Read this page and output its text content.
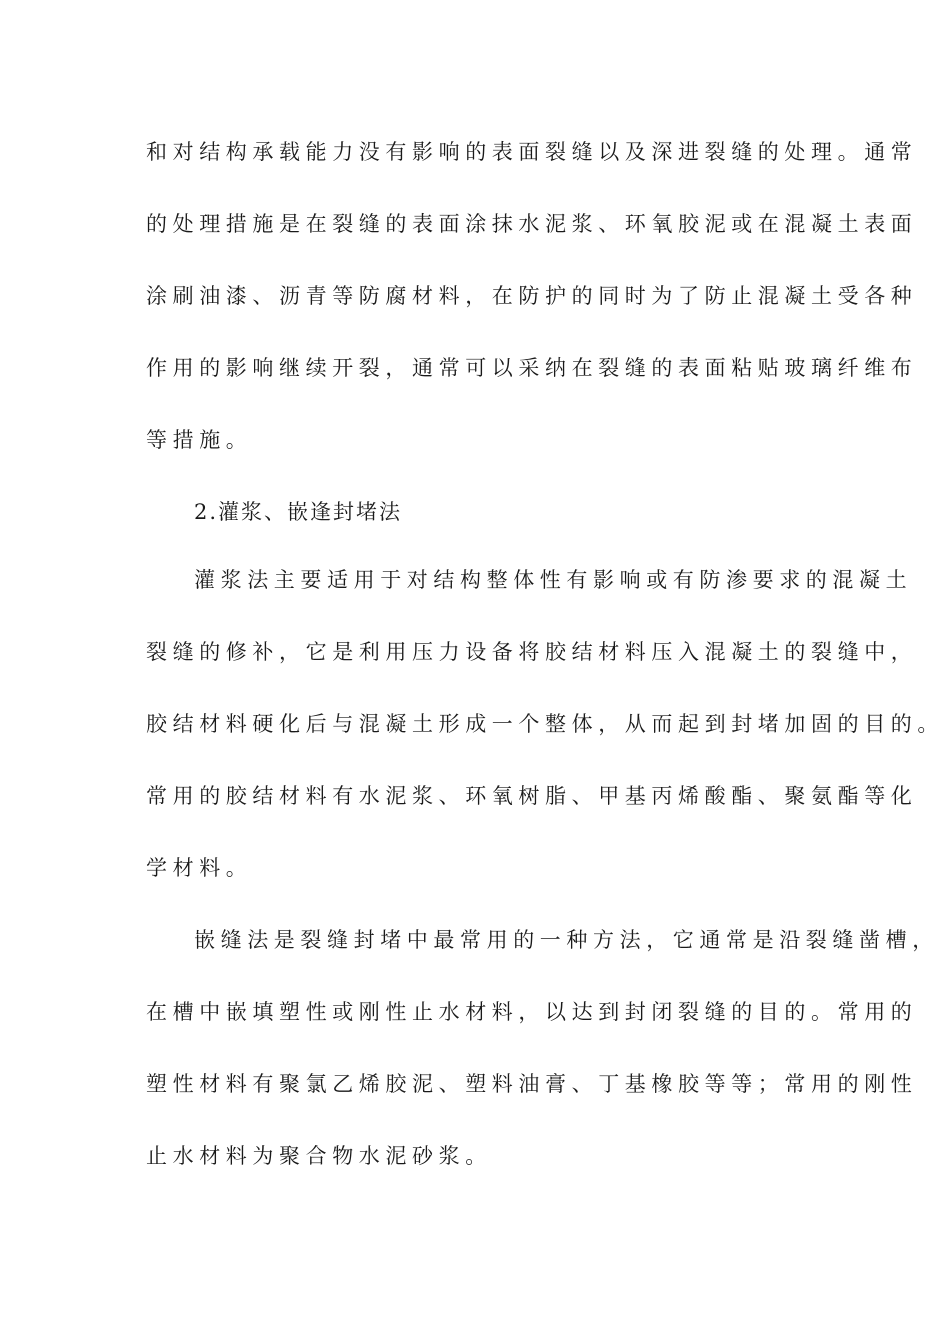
和对结构承载能力没有影响的表面裂缝以及深进裂缝的处理。通常
的处理措施是在裂缝的表面涂抹水泥浆、环氧胶泥或在混凝土表面
涂刷油漆、沥青等防腐材料，在防护的同时为了防止混凝土受各种
作用的影响继续开裂，通常可以采纳在裂缝的表面粘贴玻璃纤维布
等措施。
2.灌浆、嵌逢封堵法
灌浆法主要适用于对结构整体性有影响或有防渗要求的混凝土
裂缝的修补，它是利用压力设备将胶结材料压入混凝土的裂缝中，
胶结材料硬化后与混凝土形成一个整体，从而起到封堵加固的目的。
常用的胶结材料有水泥浆、环氧树脂、甲基丙烯酸酯、聚氨酯等化
学材料。
嵌缝法是裂缝封堵中最常用的一种方法，它通常是沿裂缝凿槽，
在槽中嵌填塑性或刚性止水材料，以达到封闭裂缝的目的。常用的
塑性材料有聚氯乙烯胶泥、塑料油膏、丁基橡胶等等；常用的刚性
止水材料为聚合物水泥砂浆。
